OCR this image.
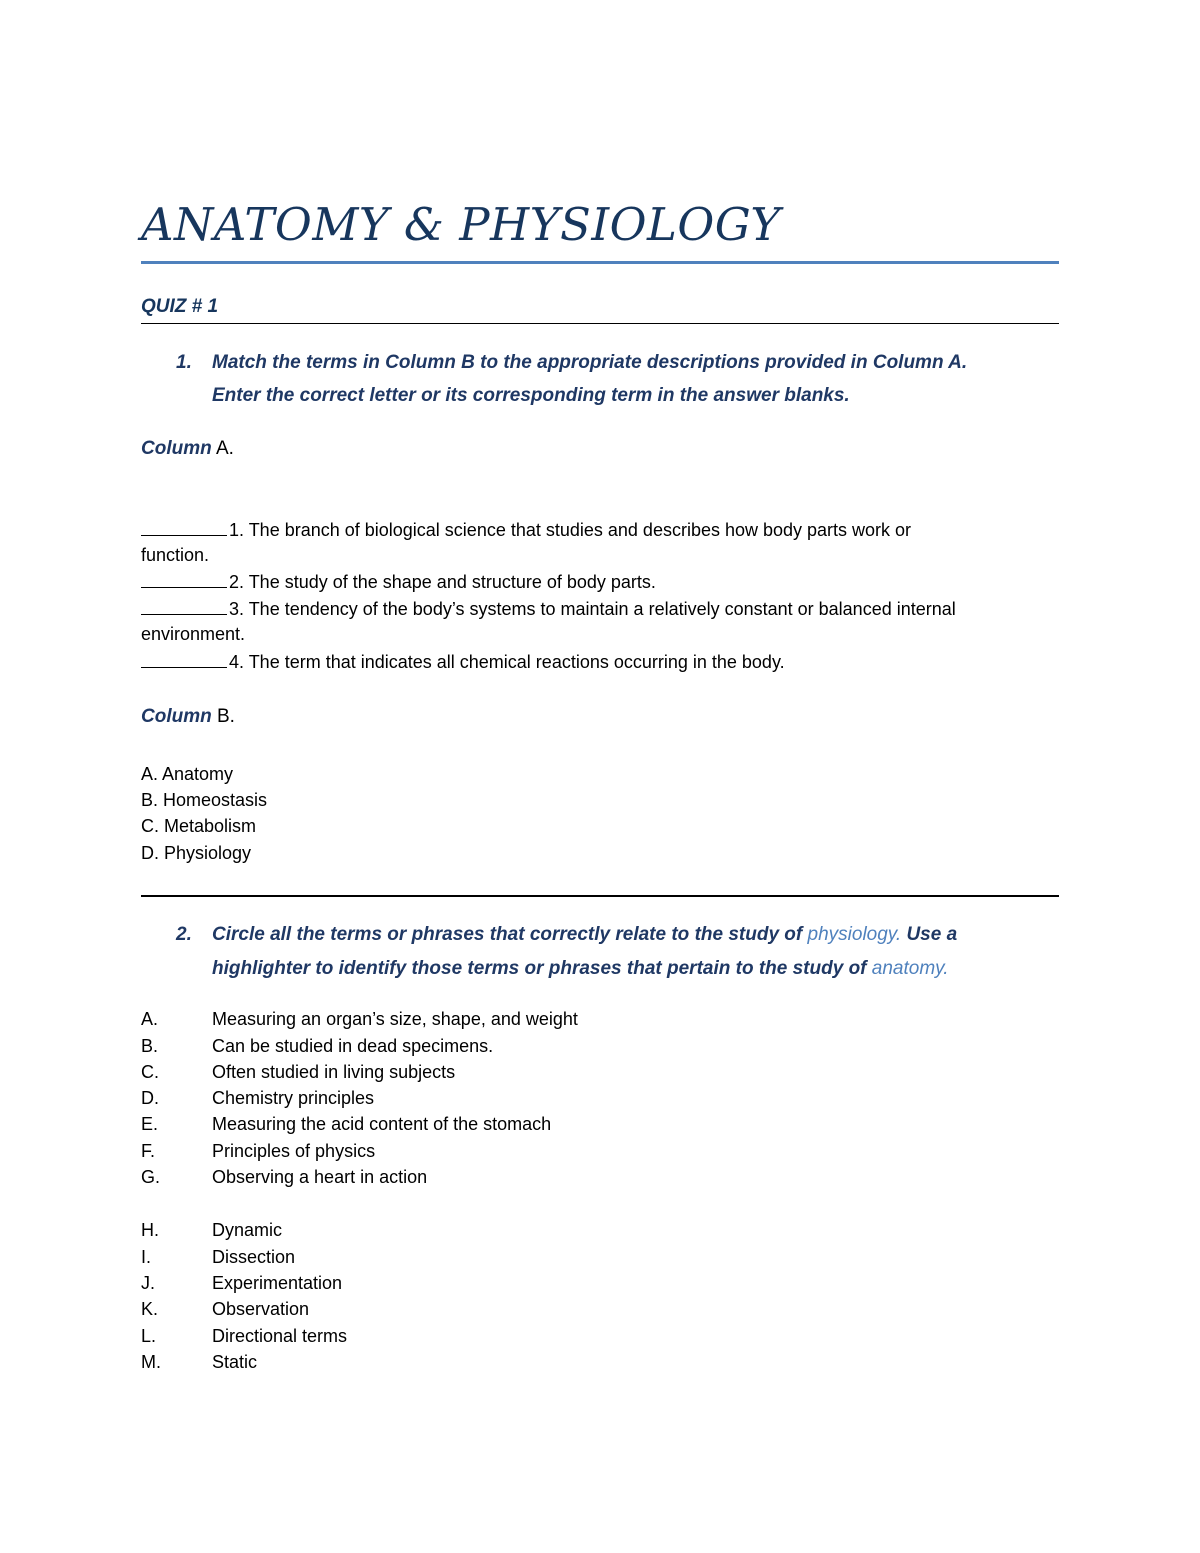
ANATOMY & PHYSIOLOGY
QUIZ # 1
1. Match the terms in Column B to the appropriate descriptions provided in Column A.
Enter the correct letter or its corresponding term in the answer blanks.
Column A.
1. The branch of biological science that studies and describes how body parts work or
function.
2. The study of the shape and structure of body parts.
3. The tendency of the body’s systems to maintain a relatively constant or balanced internal
environment.
4. The term that indicates all chemical reactions occurring in the body.
Column B.
A. Anatomy
B. Homeostasis
C. Metabolism
D. Physiology
2. Circle all the terms or phrases that correctly relate to the study of physiology. Use a
highlighter to identify those terms or phrases that pertain to the study of anatomy.
A.	Measuring an organ’s size, shape, and weight
B.	Can be studied in dead specimens.
C.	Often studied in living subjects
D.	Chemistry principles
E.	Measuring the acid content of the stomach
F.	Principles of physics
G.	Observing a heart in action
H.	Dynamic
I.	Dissection
J.	Experimentation
K.	Observation
L.	Directional terms
M.	Static
